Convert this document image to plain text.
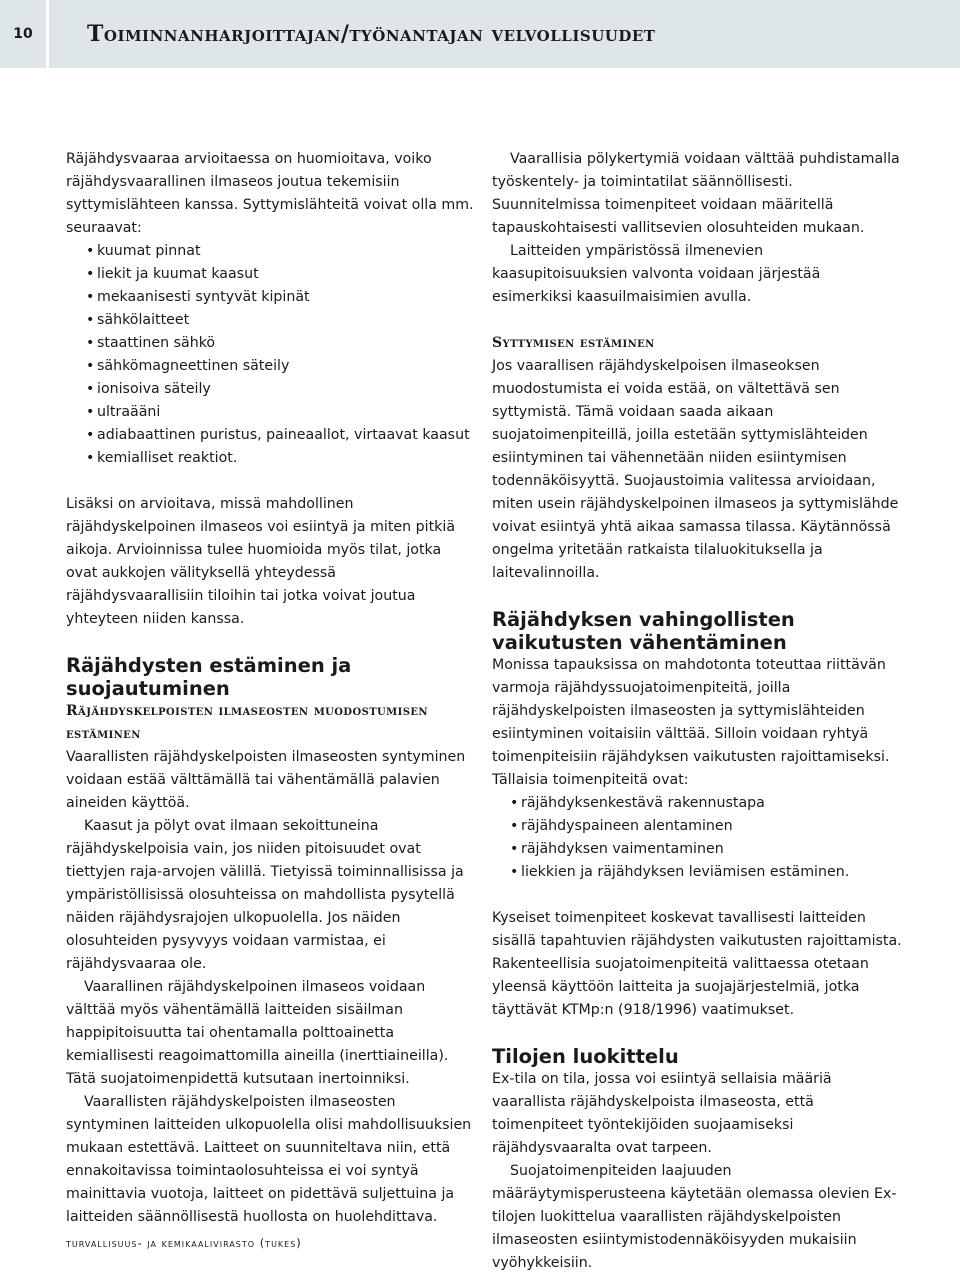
10	Toiminnanharjoittajan/työnantajan velvollisuudet

Räjähdysvaaraa arvioitaessa on huomioitava, voiko räjähdysvaarallinen ilmaseos joutua tekemisiin syttymislähteen kanssa. Syttymislähteitä voivat olla mm. seuraavat:

• kuumat pinnat
• liekit ja kuumat kaasut
• mekaanisesti syntyvät kipinät
• sähkölaitteet
• staattinen sähkö
• sähkömagneettinen säteily
• ionisoiva säteily
• ultraääni
• adiabaattinen puristus, paineaallot, virtaavat kaasut
• kemialliset reaktiot.

Lisäksi on arvioitava, missä mahdollinen räjähdyskelpoinen ilmaseos voi esiintyä ja miten pitkiä aikoja. Arvioinnissa tulee huomioida myös tilat, jotka ovat aukkojen välityksellä yhteydessä räjähdysvaarallisiin tiloihin tai jotka voivat joutua yhteyteen niiden kanssa.

Räjähdysten estäminen ja suojautuminen
Räjähdyskelpoisten ilmaseosten muodostumisen estäminen

Vaarallisten räjähdyskelpoisten ilmaseosten syntyminen voidaan estää välttämällä tai vähentämällä palavien aineiden käyttöä.

Kaasut ja pölyt ovat ilmaan sekoittuneina räjähdyskelpoisia vain, jos niiden pitoisuudet ovat tiettyjen raja-arvojen välillä. Tietyissä toiminnallisissa ja ympäristöllisissä olosuhteissa on mahdollista pysytellä näiden räjähdysrajojen ulkopuolella. Jos näiden olosuhteiden pysyvyys voidaan varmistaa, ei räjähdysvaaraa ole.

Vaarallinen räjähdyskelpoinen ilmaseos voidaan välttää myös vähentämällä laitteiden sisäilman happipitoisuutta tai ohentamalla polttoainetta kemiallisesti reagoimattomilla aineilla (inerttiaineilla). Tätä suojatoimenpidettä kutsutaan inertoinniksi.

Vaarallisten räjähdyskelpoisten ilmaseosten syntyminen laitteiden ulkopuolella olisi mahdollisuuksien mukaan estettävä. Laitteet on suunniteltava niin, että ennakoitavissa toimintaolosuhteissa ei voi syntyä mainittavia vuotoja, laitteet on pidettävä suljettuina ja laitteiden säännöllisestä huollosta on huolehdittava.

Vaarallisia pölykertymiä voidaan välttää puhdistamalla työskentely- ja toimintatilat säännöllisesti. Suunnitelmissa toimenpiteet voidaan määritellä tapauskohtaisesti vallitsevien olosuhteiden mukaan.

Laitteiden ympäristössä ilmenevien kaasupitoisuuksien valvonta voidaan järjestää esimerkiksi kaasuilmaisimien avulla.

Syttymisen estäminen

Jos vaarallisen räjähdyskelpoisen ilmaseoksen muodostumista ei voida estää, on vältettävä sen syttymistä. Tämä voidaan saada aikaan suojatoimenpiteillä, joilla estetään syttymislähteiden esiintyminen tai vähennetään niiden esiintymisen todennäköisyyttä. Suojaustoimia valitessa arvioidaan, miten usein räjähdyskelpoinen ilmaseos ja syttymislähde voivat esiintyä yhtä aikaa samassa tilassa. Käytännössä ongelma yritetään ratkaista tilaluokituksella ja laitevalinnoilla.

Räjähdyksen vahingollisten vaikutusten vähentäminen

Monissa tapauksissa on mahdotonta toteuttaa riittävän varmoja räjähdyssuojatoimenpiteitä, joilla räjähdyskelpoisten ilmaseosten ja syttymislähteiden esiintyminen voitaisiin välttää. Silloin voidaan ryhtyä toimenpiteisiin räjähdyksen vaikutusten rajoittamiseksi. Tällaisia toimenpiteitä ovat:

• räjähdyksenkestävä rakennustapa
• räjähdyspaineen alentaminen
• räjähdyksen vaimentaminen
• liekkien ja räjähdyksen leviämisen estäminen.

Kyseiset toimenpiteet koskevat tavallisesti laitteiden sisällä tapahtuvien räjähdysten vaikutusten rajoittamista. Rakenteellisia suojatoimenpiteitä valittaessa otetaan yleensä käyttöön laitteita ja suojajärjestelmiä, jotka täyttävät KTMp:n (918/1996) vaatimukset.

Tilojen luokittelu

Ex-tila on tila, jossa voi esiintyä sellaisia määriä vaarallista räjähdyskelpoista ilmaseosta, että toimenpiteet työntekijöiden suojaamiseksi räjähdysvaaralta ovat tarpeen.

Suojatoimenpiteiden laajuuden määräytymisperusteena käytetään olemassa olevien Ex-tilojen luokittelua vaarallisten räjähdyskelpoisten ilmaseosten esiintymistodennäköisyyden mukaisiin vyöhykkeisiin.

turvallisuus- ja kemikaalivirasto (tukes)
